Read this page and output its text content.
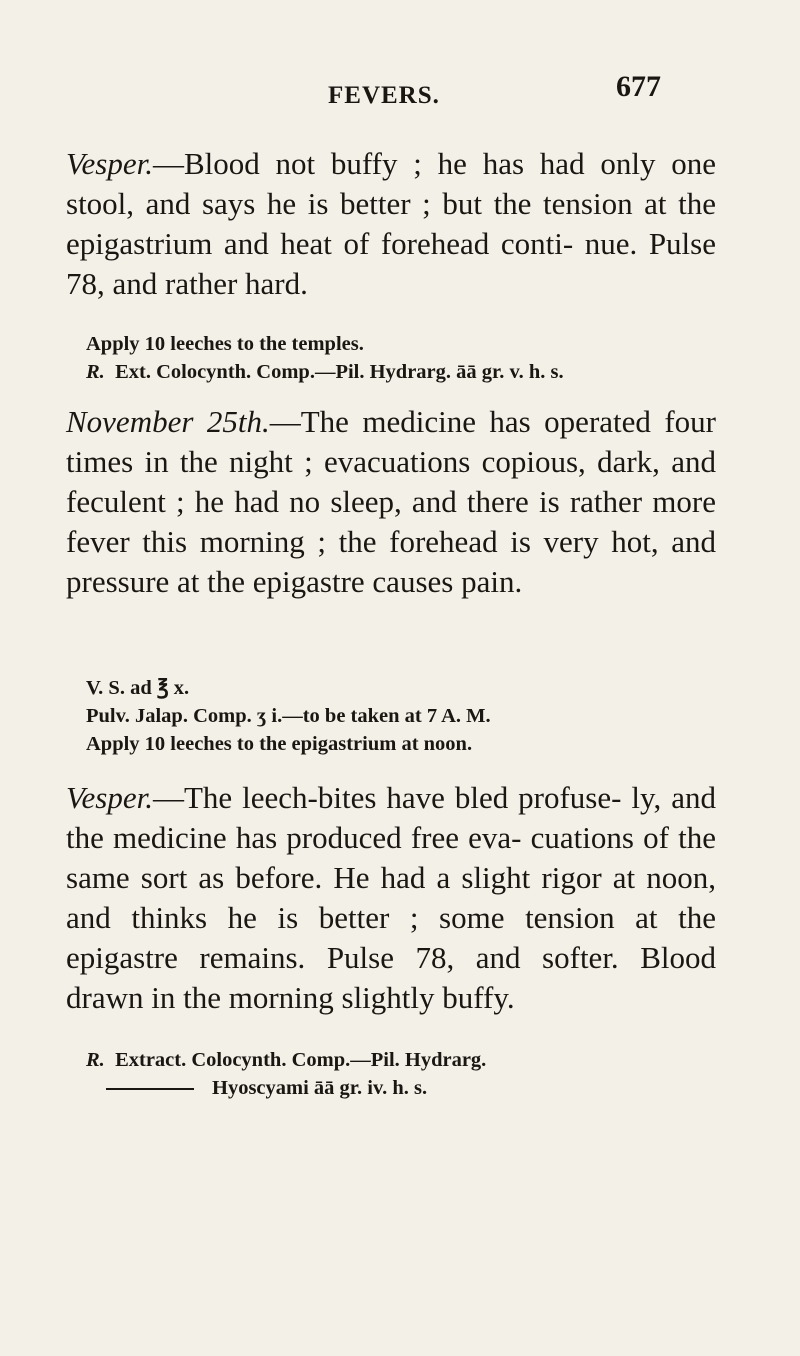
FEVERS.	677
Vesper.—Blood not buffy ; he has had only one stool, and says he is better ; but the tension at the epigastrium and heat of forehead conti- nue. Pulse 78, and rather hard.
Apply 10 leeches to the temples.
R. Ext. Colocynth. Comp.—Pil. Hydrarg. āā gr. v. h. s.
November 25th.—The medicine has operated four times in the night ; evacuations copious, dark, and feculent ; he had no sleep, and there is rather more fever this morning ; the forehead is very hot, and pressure at the epigastre causes pain.
V. S. ad ℥ x.
Pulv. Jalap. Comp. ʒ i.—to be taken at 7 A. M.
Apply 10 leeches to the epigastrium at noon.
Vesper.—The leech-bites have bled profuse- ly, and the medicine has produced free eva- cuations of the same sort as before. He had a slight rigor at noon, and thinks he is better ; some tension at the epigastre remains. Pulse 78, and softer. Blood drawn in the morning slightly buffy.
R. Extract. Colocynth. Comp.—Pil. Hydrarg.
Hyoscyami āā gr. iv. h. s.
